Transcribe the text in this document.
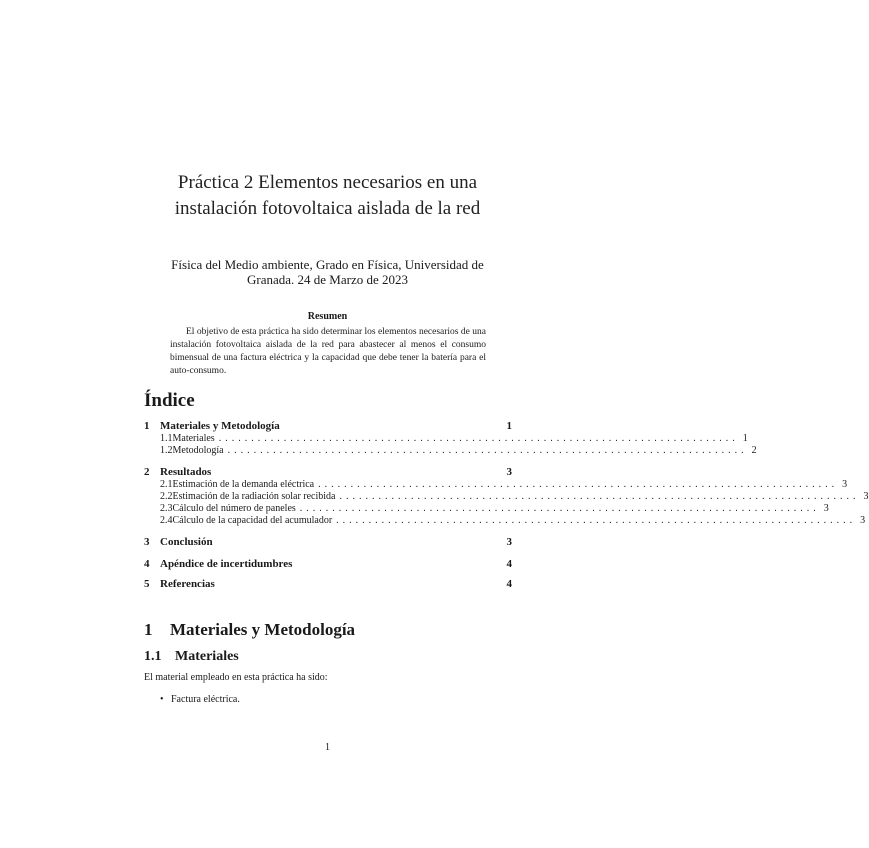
Práctica 2 Elementos necesarios en una instalación fotovoltaica aislada de la red
Física del Medio ambiente, Grado en Física, Universidad de Granada. 24 de Marzo de 2023
Resumen
El objetivo de esta práctica ha sido determinar los elementos necesarios de una instalación fotovoltaica aislada de la red para abastecer al menos el consumo bimensual de una factura eléctrica y la capacidad que debe tener la batería para el auto-consumo.
Índice
1 Materiales y Metodología	1
1.1 Materiales ................................................................................ 1
1.2 Metodología ................................................................................ 2
2 Resultados	3
2.1 Estimación de la demanda eléctrica ................................................................................ 3
2.2 Estimación de la radiación solar recibida ................................................................................ 3
2.3 Cálculo del número de paneles ................................................................................ 3
2.4 Cálculo de la capacidad del acumulador ................................................................................ 3
3 Conclusión	3
4 Apéndice de incertidumbres	4
5 Referencias	4
1 Materiales y Metodología
1.1 Materiales
El material empleado en esta práctica ha sido:
• Factura eléctrica.
1
